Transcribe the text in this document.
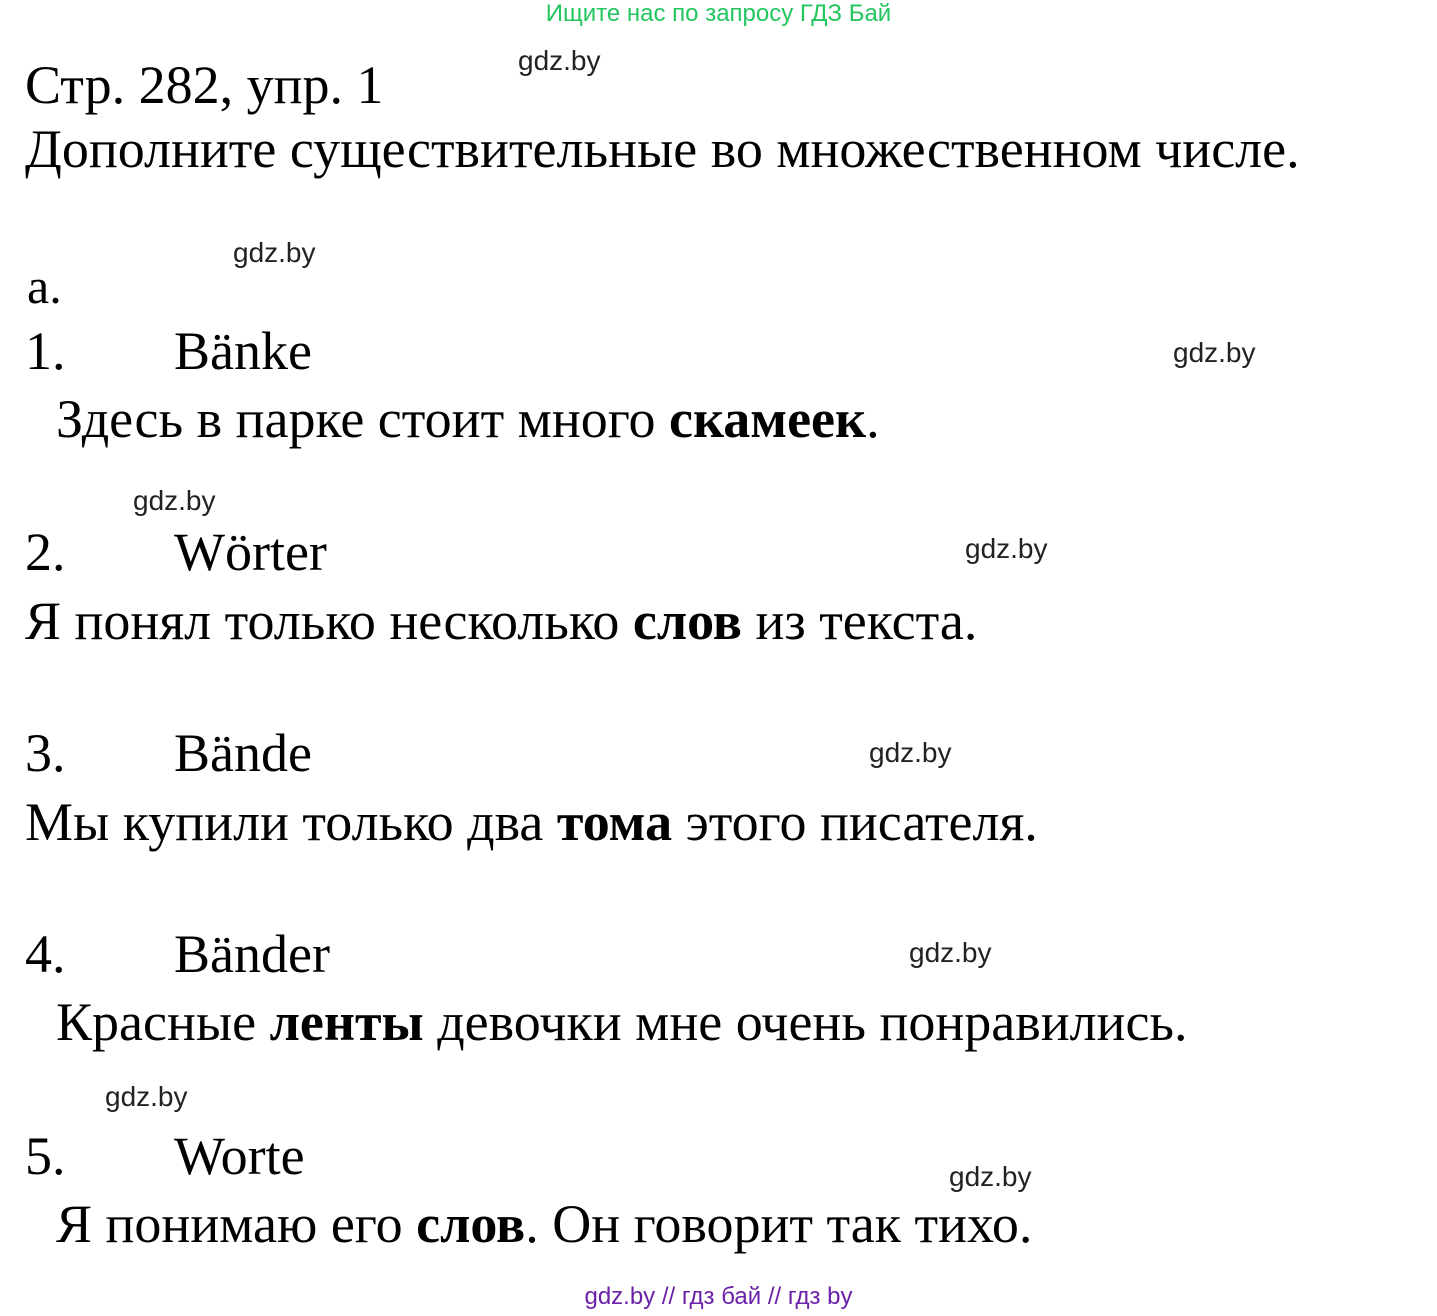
Ищите нас по запросу ГДЗ Бай
Стр. 282, упр. 1
Дополните существительные во множественном числе.
а.
1. Bänke
Здесь в парке стоит много скамеек.
2. Wörter
Я понял только несколько слов из текста.
3. Bände
Мы купили только два тома этого писателя.
4. Bänder
Красные ленты девочки мне очень понравились.
5. Worte
Я понимаю его слов. Он говорит так тихо.
gdz.by
gdz.by
gdz.by
gdz.by
gdz.by
gdz.by
gdz.by
gdz.by
gdz.by
gdz.by // гдз бай // гдз by
